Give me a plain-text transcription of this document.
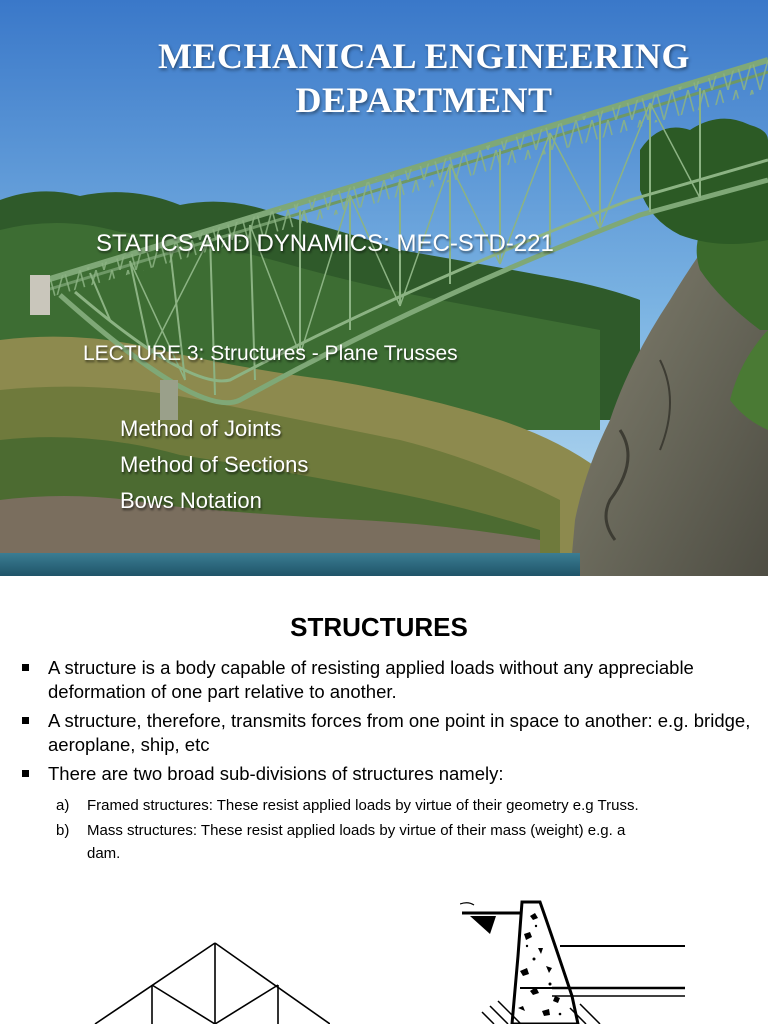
MECHANICAL ENGINEERING
DEPARTMENT
STATICS AND DYNAMICS: MEC-STD-221
LECTURE 3: Structures - Plane Trusses
Method of Joints
Method of Sections
Bows Notation
STRUCTURES
A structure is a body capable of resisting applied loads without any appreciable deformation of one part relative to another.
A structure, therefore, transmits forces from one point in space to another: e.g. bridge, aeroplane, ship, etc
There are two broad sub-divisions of structures namely:
a) Framed structures: These resist applied loads by virtue of their geometry e.g Truss.
b) Mass structures: These resist applied loads by virtue of their mass (weight) e.g. a dam.
